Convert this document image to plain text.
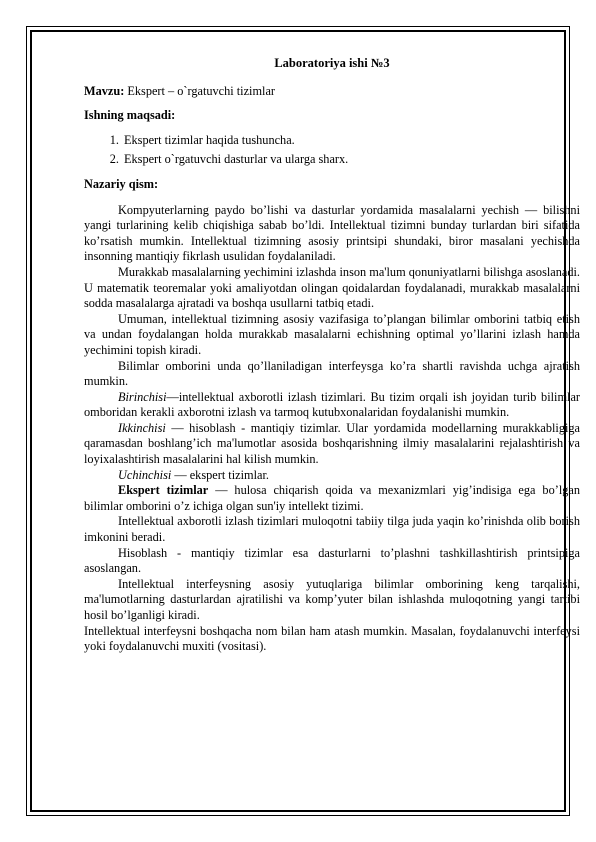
Laboratoriya ishi №3
Mavzu: Ekspert – o`rgatuvchi tizimlar
Ishning maqsadi:
1. Ekspert tizimlar haqida tushuncha.
2. Ekspert o`rgatuvchi dasturlar va ularga sharx.
Nazariy qism:

Kompyuterlarning paydo bo’lishi va dasturlar yordamida masalalarni yechish — bilishni yangi turlarining kelib chiqishiga sabab bo’ldi. Intellektual tizimni bunday turlardan biri sifatida ko’rsatish mumkin. Intellektual tizimning asosiy printsipi shundaki, biror masalani yechishda insonning mantiqiy fikrlash usulidan foydalaniladi.

Murakkab masalalarning yechimini izlashda inson ma'lum qonuniyatlarni bilishga asoslanadi. U matematik teoremalar yoki amaliyotdan olingan qoidalardan foydalanadi, murakkab masalalarni sodda masalalarga ajratadi va boshqa usullarni tatbiq etadi.

Umuman, intellektual tizimning asosiy vazifasiga to’plangan bilimlar omborini tatbiq etish va undan foydalangan holda murakkab masalalarni echishning optimal yo’llarini izlash hamda yechimini topish kiradi.

Bilimlar omborini unda qo’llaniladigan interfeysga ko’ra shartli ravishda uchga ajratish mumkin.

Birinchisi—intellektual axborotli izlash tizimlari. Bu tizim orqali ish joyidan turib bilimlar omboridan kerakli axborotni izlash va tarmoq kutubxonalaridan foydalanishi mumkin.

Ikkinchisi — hisoblash - mantiqiy tizimlar. Ular yordamida modellarning murakkabligiga qaramasdan boshlang’ich ma'lumotlar asosida boshqarishning ilmiy masalalarini rejalashtirish va loyixalashtirish masalalarini hal kilish mumkin.

Uchinchisi — ekspert tizimlar.

Ekspert tizimlar — hulosa chiqarish qoida va mexanizmlari yig’indisiga ega bo’lgan bilimlar omborini o’z ichiga olgan sun'iy intellekt tizimi.

Intellektual axborotli izlash tizimlari muloqotni tabiiy tilga juda yaqin ko’rinishda olib borish imkonini beradi.

Hisoblash - mantiqiy tizimlar esa dasturlarni to’plashni tashkillashtirish printsipiga asoslangan.

Intellektual interfeysning asosiy yutuqlariga bilimlar omborining keng tarqalishi, ma'lumotlarning dasturlardan ajratilishi va komp’yuter bilan ishlashda muloqotning yangi tartibi hosil bo’lganligi kiradi.

Intellektual interfeysni boshqacha nom bilan ham atash mumkin. Masalan, foydalanuvchi interfeysi yoki foydalanuvchi muxiti (vositasi).
